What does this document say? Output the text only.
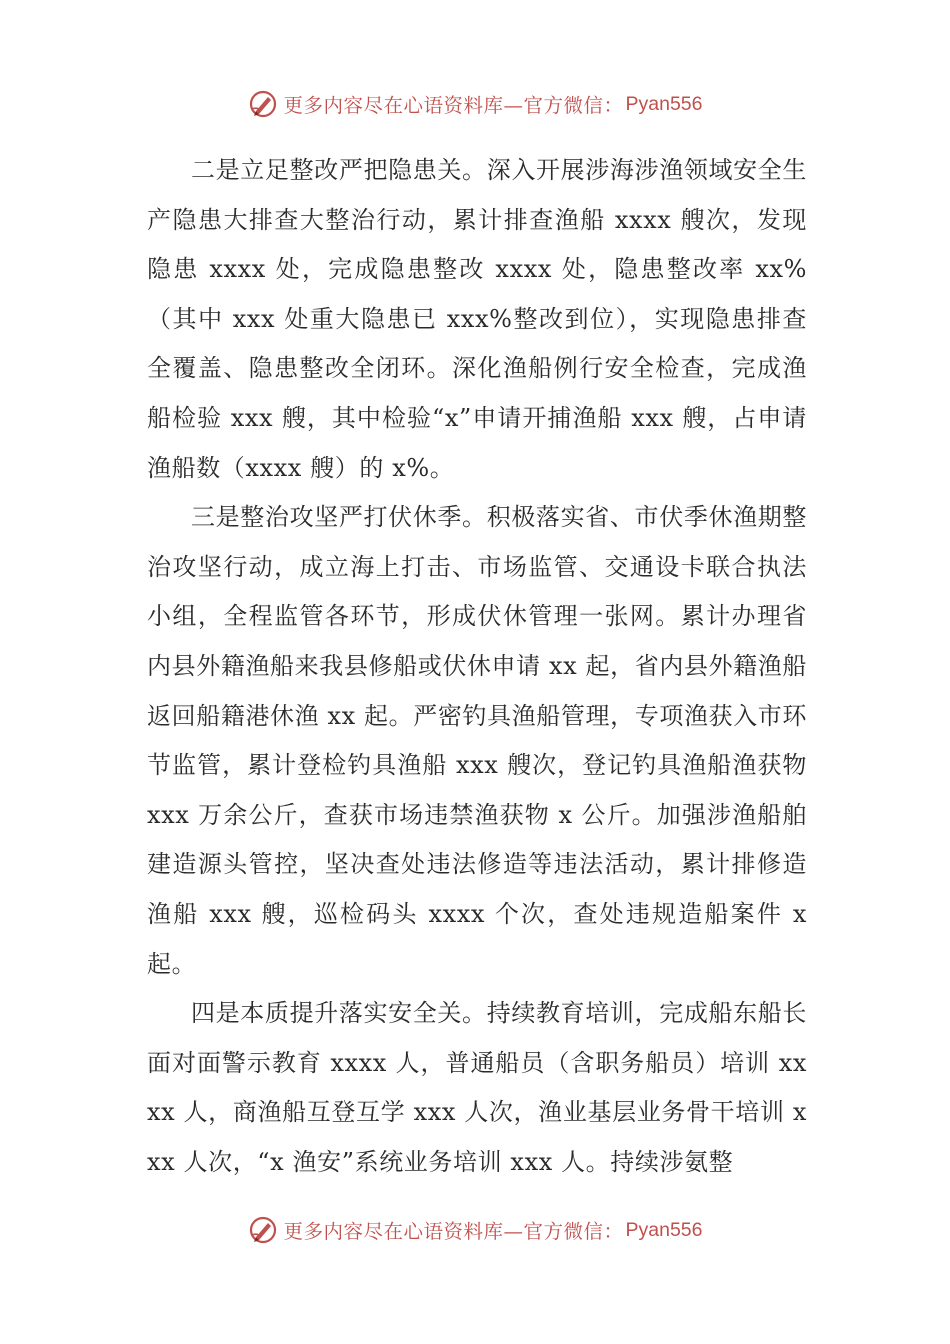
更多内容尽在心语资料库—官方微信： Pyan556

二是立足整改严把隐患关。深入开展涉海涉渔领域安全生产隐患大排查大整治行动，累计排查渔船 xxxx 艘次，发现隐患 xxxx 处，完成隐患整改 xxxx 处，隐患整改率 xx%（其中 xxx 处重大隐患已 xxx%整改到位），实现隐患排查全覆盖、隐患整改全闭环。深化渔船例行安全检查，完成渔船检验 xxx 艘，其中检验“x”申请开捕渔船 xxx 艘，占申请渔船数（xxxx 艘）的 x%。

三是整治攻坚严打伏休季。积极落实省、市伏季休渔期整治攻坚行动，成立海上打击、市场监管、交通设卡联合执法小组，全程监管各环节，形成伏休管理一张网。累计办理省内县外籍渔船来我县修船或伏休申请 xx 起，省内县外籍渔船返回船籍港休渔 xx 起。严密钓具渔船管理，专项渔获入市环节监管，累计登检钓具渔船 xxx 艘次，登记钓具渔船渔获物 xxx 万余公斤，查获市场违禁渔获物 x 公斤。加强涉渔船舶建造源头管控，坚决查处违法修造等违法活动，累计排修造渔船 xxx 艘，巡检码头 xxxx 个次，查处违规造船案件 x 起。

四是本质提升落实安全关。持续教育培训，完成船东船长面对面警示教育 xxxx 人，普通船员（含职务船员）培训 xxxx 人，商渔船互登互学 xxx 人次，渔业基层业务骨干培训 xxx 人次，“x 渔安”系统业务培训 xxx 人。持续涉氨整

更多内容尽在心语资料库—官方微信： Pyan556
